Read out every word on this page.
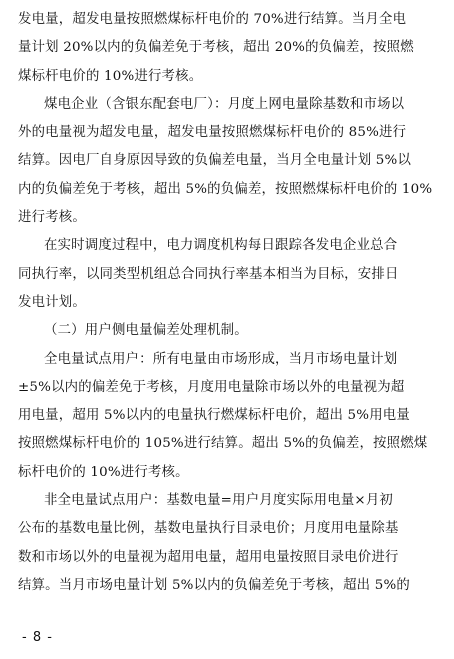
发电量，超发电量按照燃煤标杆电价的 70%进行结算。当月全电
量计划 20%以内的负偏差免于考核，超出 20%的负偏差，按照燃
煤标杆电价的 10%进行考核。
煤电企业（含银东配套电厂）：月度上网电量除基数和市场以
外的电量视为超发电量，超发电量按照燃煤标杆电价的 85%进行
结算。因电厂自身原因导致的负偏差电量，当月全电量计划 5%以
内的负偏差免于考核，超出 5%的负偏差，按照燃煤标杆电价的 10%
进行考核。
在实时调度过程中，电力调度机构每日跟踪各发电企业总合
同执行率，以同类型机组总合同执行率基本相当为目标，安排日
发电计划。
（二）用户侧电量偏差处理机制。
全电量试点用户：所有电量由市场形成，当月市场电量计划
±5%以内的偏差免于考核，月度用电量除市场以外的电量视为超
用电量，超用 5%以内的电量执行燃煤标杆电价，超出 5%用电量
按照燃煤标杆电价的 105%进行结算。超出 5%的负偏差，按照燃煤
标杆电价的 10%进行考核。
非全电量试点用户：基数电量=用户月度实际用电量×月初
公布的基数电量比例，基数电量执行目录电价；月度用电量除基
数和市场以外的电量视为超用电量，超用电量按照目录电价进行
结算。当月市场电量计划 5%以内的负偏差免于考核，超出 5%的
- 8 -
